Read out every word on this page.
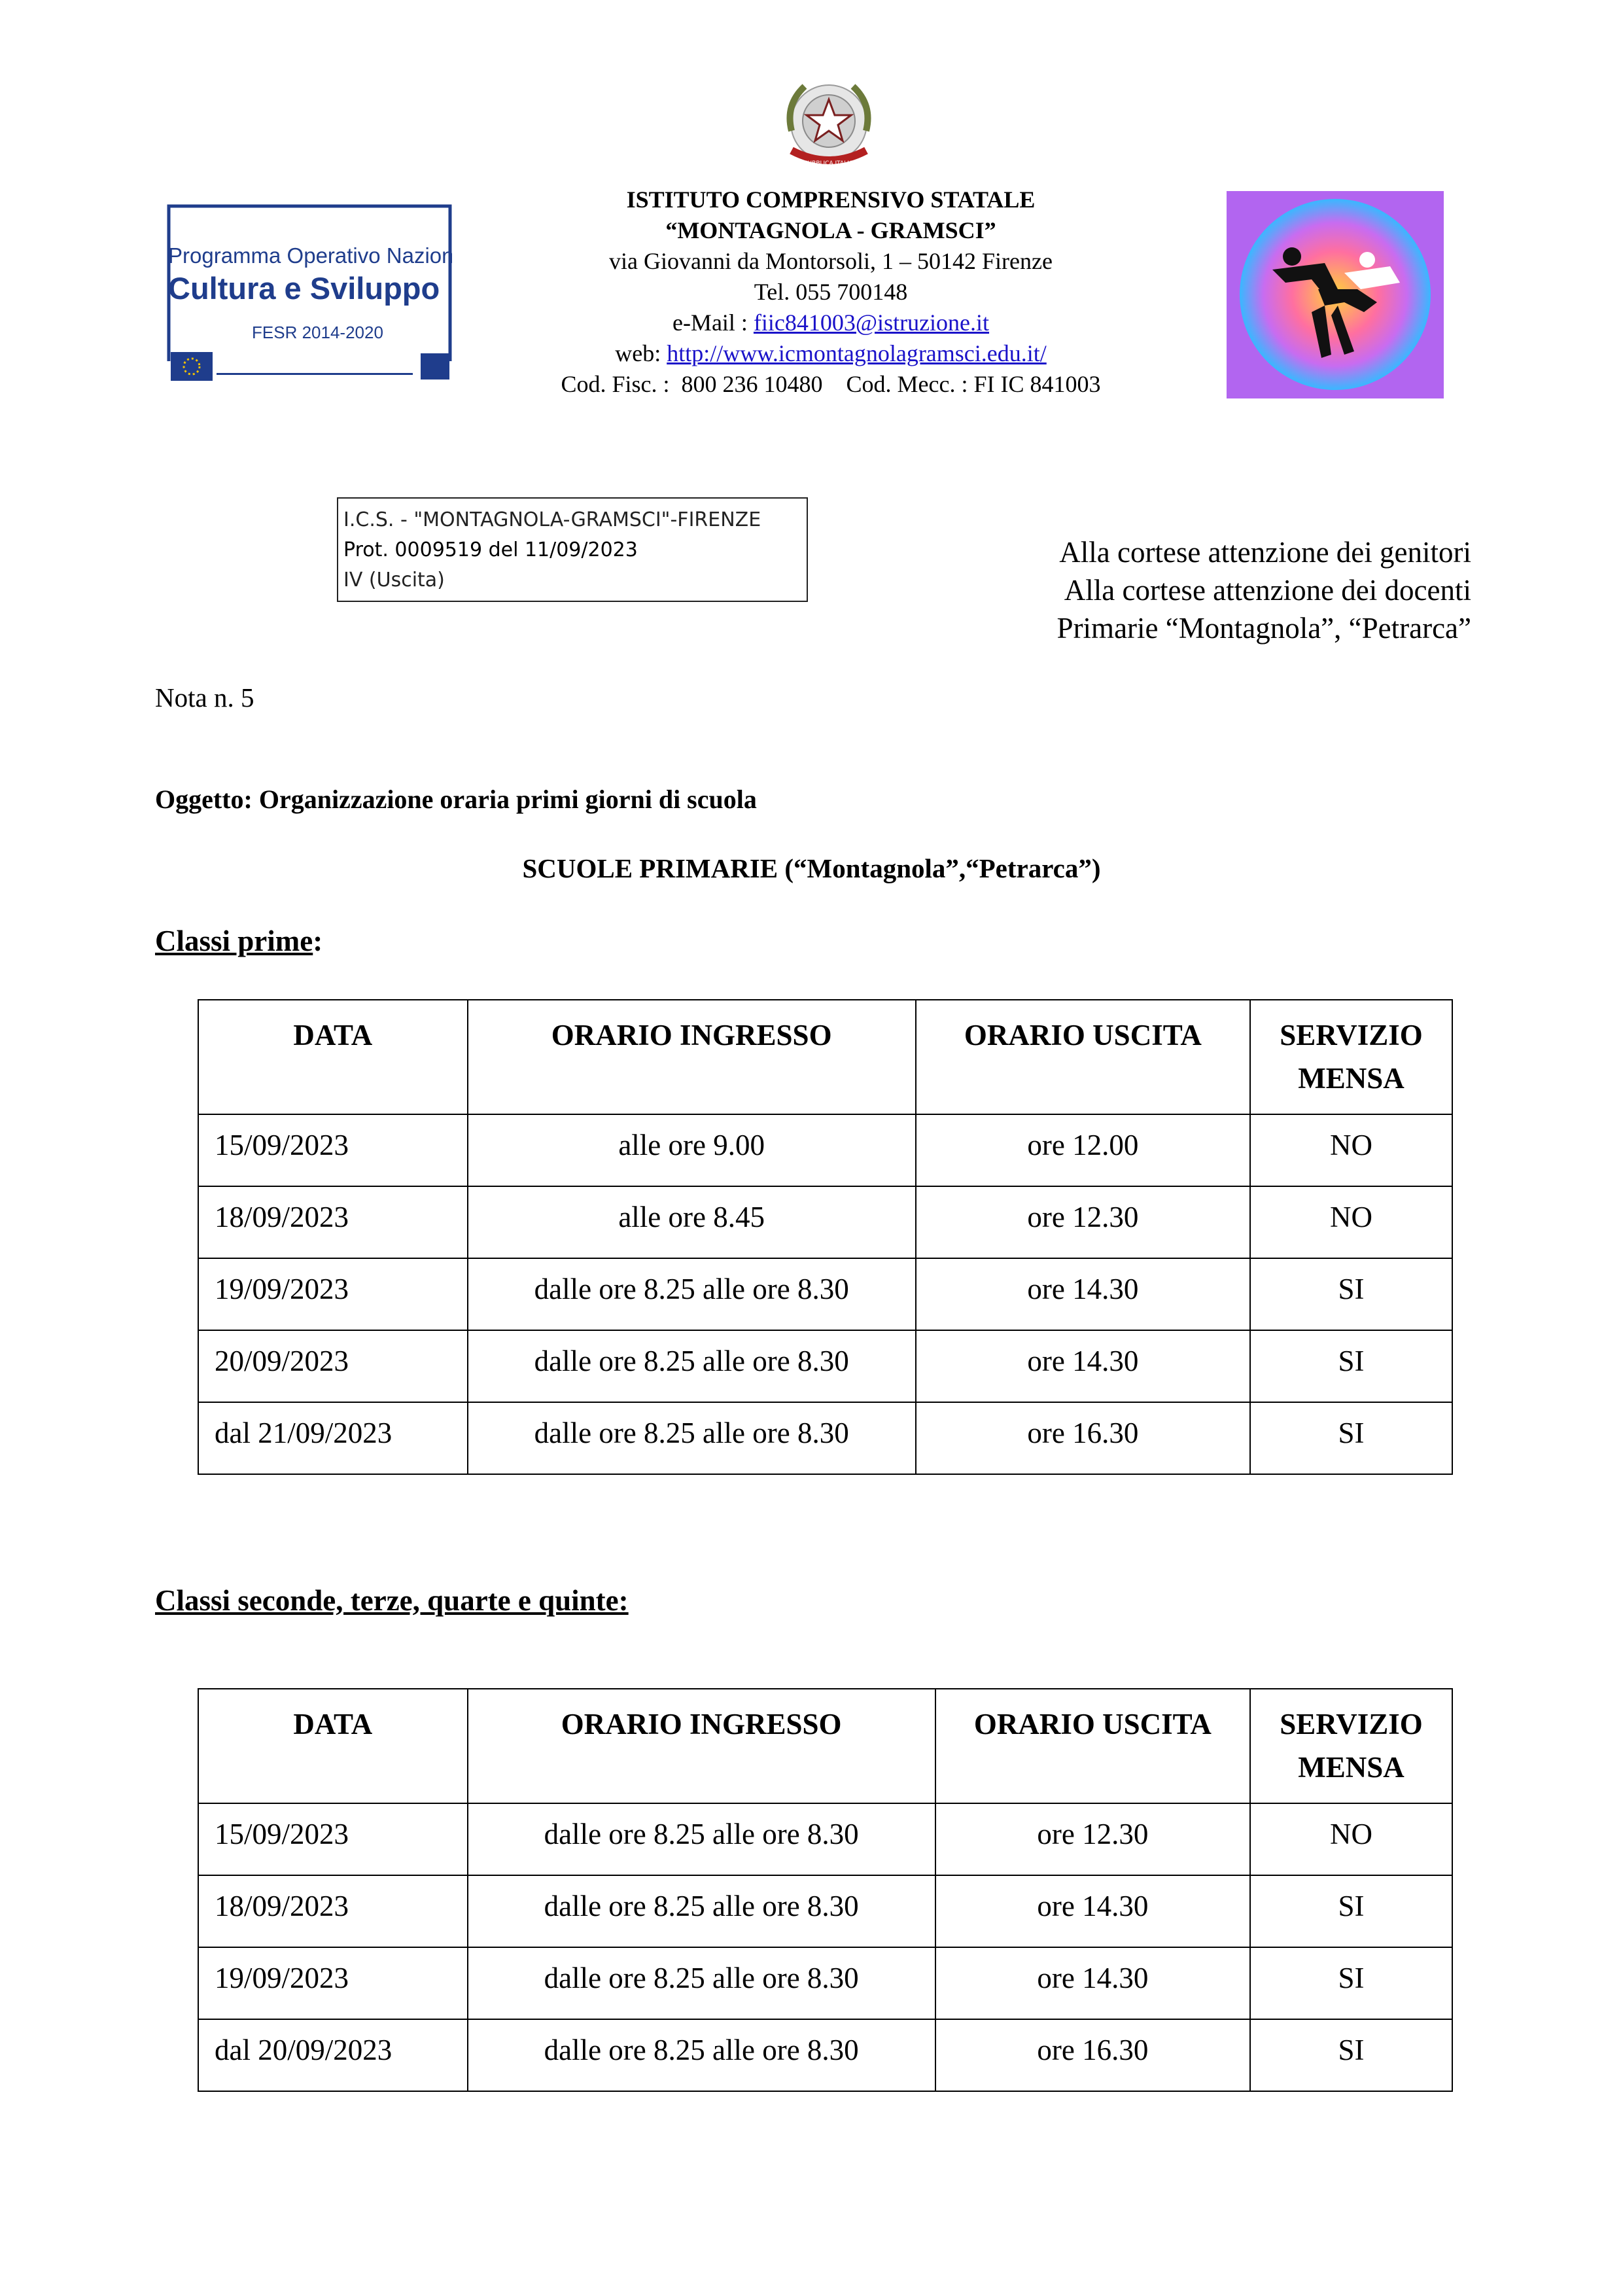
REPUBBLICA ITALIANA
Programma Operativo Nazionale
Cultura e Sviluppo
FESR 2014-2020
ISTITUTO COMPRENSIVO STATALE
“MONTAGNOLA - GRAMSCI”
via Giovanni da Montorsoli, 1 – 50142 Firenze
Tel. 055 700148
e-Mail : fiic841003@istruzione.it
web: http://www.icmontagnolagramsci.edu.it/
Cod. Fisc. :  800 236 10480    Cod. Mecc. : FI IC 841003
I.C.S. - "MONTAGNOLA-GRAMSCI"-FIRENZE
Prot. 0009519 del 11/09/2023
IV (Uscita)
Alla cortese attenzione dei genitori
Alla cortese attenzione dei docenti
Primarie “Montagnola”, “Petrarca”
Nota n. 5
Oggetto: Organizzazione oraria primi giorni di scuola
SCUOLE PRIMARIE (“Montagnola”,“Petrarca”)
Classi prime:
DATA	ORARIO INGRESSO	ORARIO USCITA	SERVIZIO MENSA
15/09/2023	alle ore 9.00	ore 12.00	NO
18/09/2023	alle ore 8.45	ore 12.30	NO
19/09/2023	dalle ore 8.25 alle ore 8.30	ore 14.30	SI
20/09/2023	dalle ore 8.25 alle ore 8.30	ore 14.30	SI
dal 21/09/2023	dalle ore 8.25 alle ore 8.30	ore 16.30	SI
Classi seconde, terze, quarte e quinte:
DATA	ORARIO INGRESSO	ORARIO USCITA	SERVIZIO MENSA
15/09/2023	dalle ore 8.25 alle ore 8.30	ore 12.30	NO
18/09/2023	dalle ore 8.25 alle ore 8.30	ore 14.30	SI
19/09/2023	dalle ore 8.25 alle ore 8.30	ore 14.30	SI
dal 20/09/2023	dalle ore 8.25 alle ore 8.30	ore 16.30	SI
